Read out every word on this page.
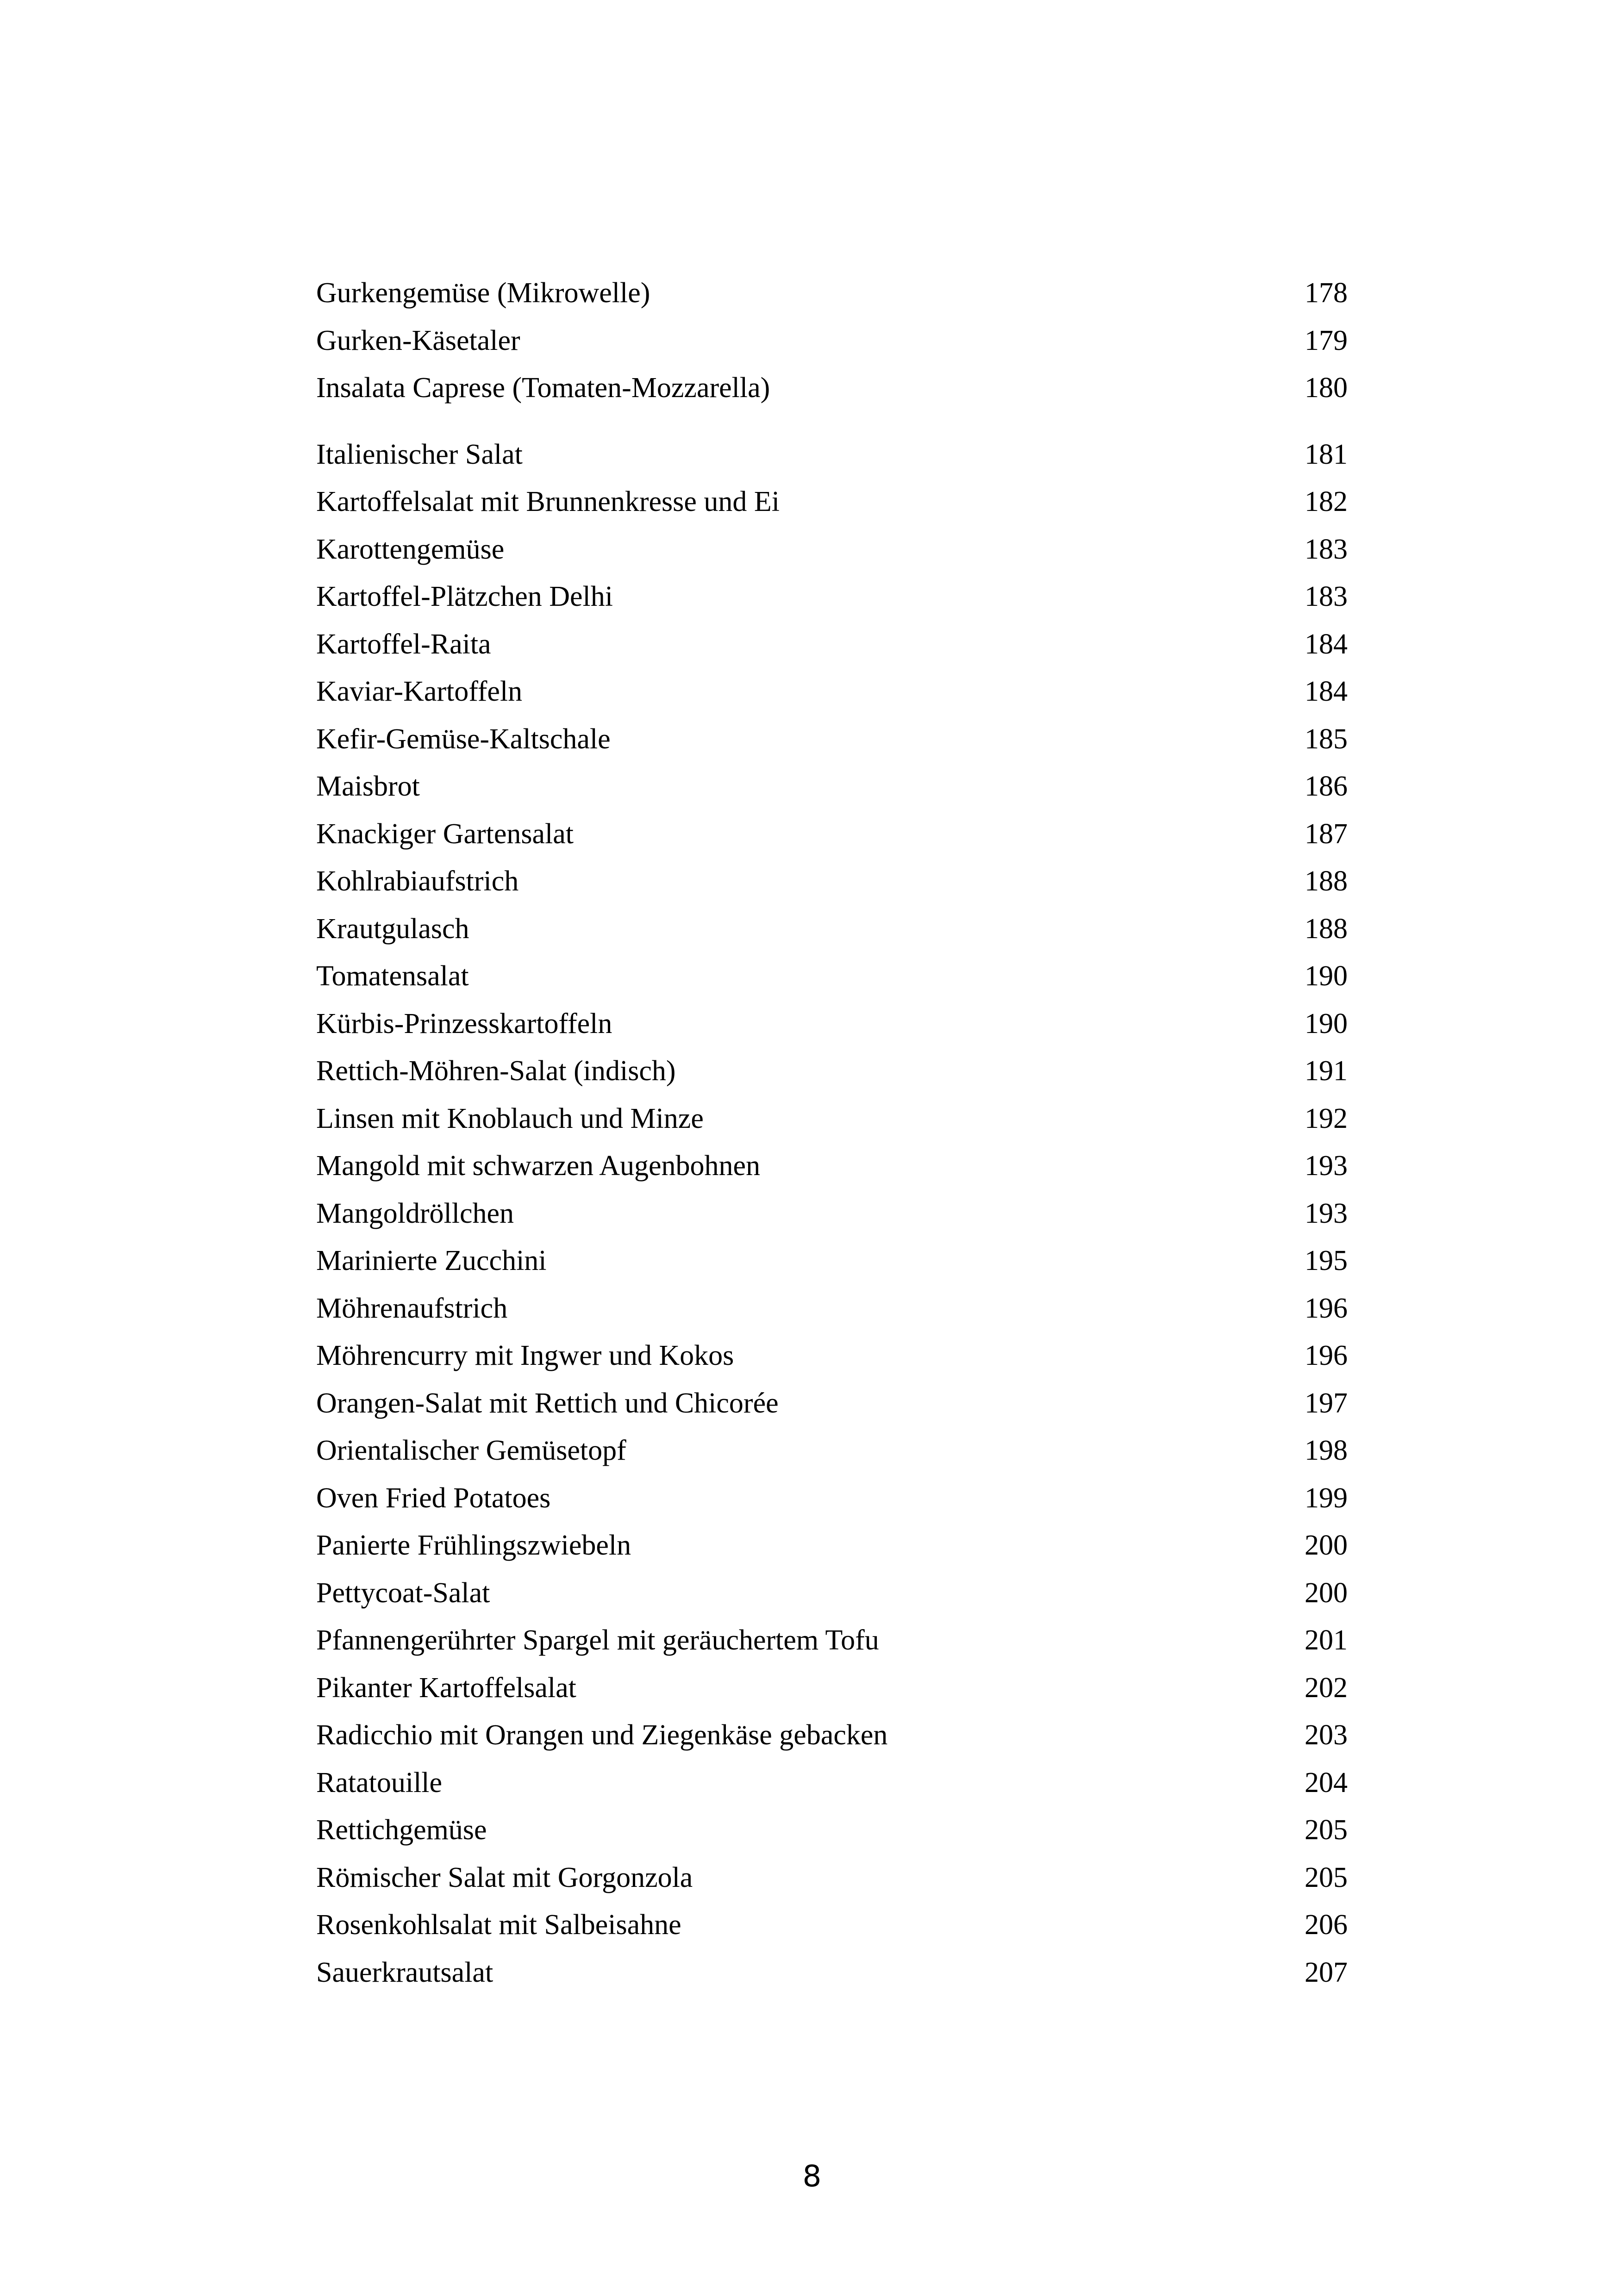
Gurkengemüse (Mikrowelle)	178
Gurken-Käsetaler	179
Insalata Caprese (Tomaten-Mozzarella)	180
Italienischer Salat	181
Kartoffelsalat mit Brunnenkresse und Ei	182
Karottengemüse	183
Kartoffel-Plätzchen Delhi	183
Kartoffel-Raita	184
Kaviar-Kartoffeln	184
Kefir-Gemüse-Kaltschale	185
Maisbrot	186
Knackiger Gartensalat	187
Kohlrabiaufstrich	188
Krautgulasch	188
Tomatensalat	190
Kürbis-Prinzesskartoffeln	190
Rettich-Möhren-Salat (indisch)	191
Linsen mit Knoblauch und Minze	192
Mangold mit schwarzen Augenbohnen	193
Mangoldröllchen	193
Marinierte Zucchini	195
Möhrenaufstrich	196
Möhrencurry mit Ingwer und Kokos	196
Orangen-Salat mit Rettich und Chicorée	197
Orientalischer Gemüsetopf	198
Oven Fried Potatoes	199
Panierte Frühlingszwiebeln	200
Pettycoat-Salat	200
Pfannengerührter Spargel mit geräuchertem Tofu	201
Pikanter Kartoffelsalat	202
Radicchio mit Orangen und Ziegenkäse gebacken	203
Ratatouille	204
Rettichgemüse	205
Römischer Salat mit Gorgonzola	205
Rosenkohlsalat mit Salbeisahne	206
Sauerkrautsalat	207
8
